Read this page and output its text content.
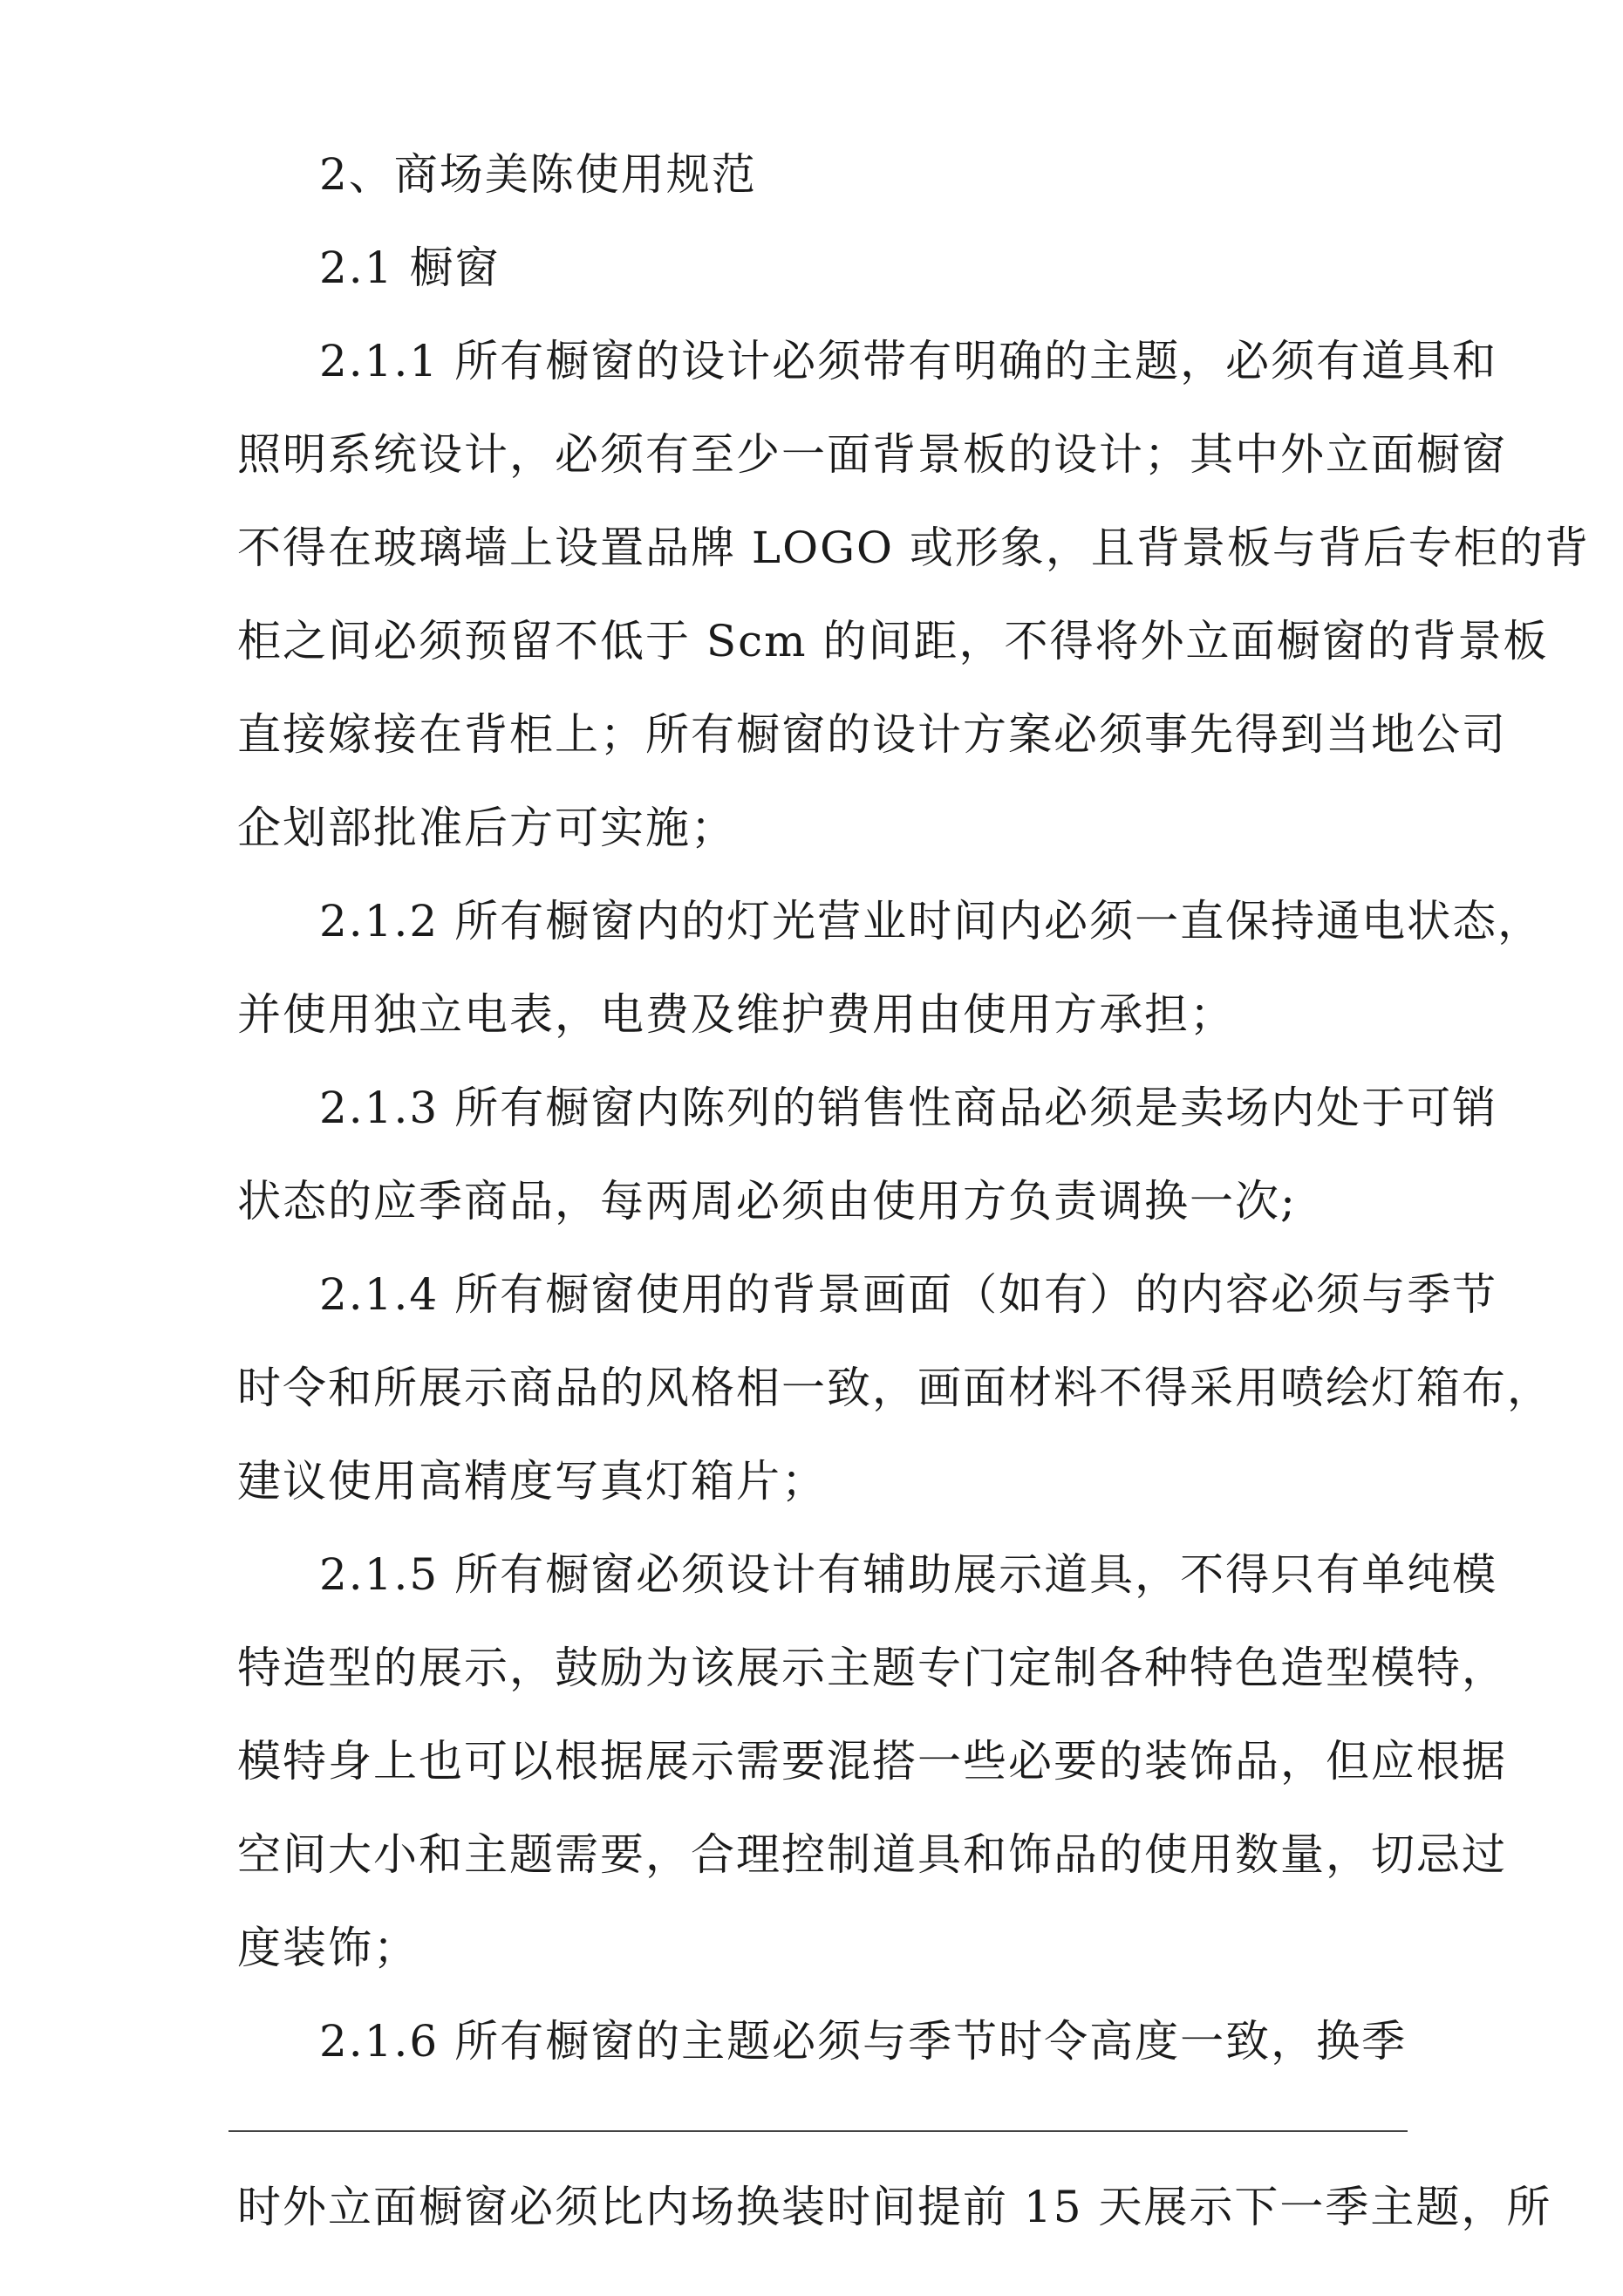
2、商场美陈使用规范
2.1 橱窗
2.1.1 所有橱窗的设计必须带有明确的主题，必须有道具和
照明系统设计，必须有至少一面背景板的设计；其中外立面橱窗
不得在玻璃墙上设置品牌 LOGO 或形象，且背景板与背后专柜的背
柜之间必须预留不低于 Scm 的间距，不得将外立面橱窗的背景板
直接嫁接在背柜上；所有橱窗的设计方案必须事先得到当地公司
企划部批准后方可实施；
2.1.2 所有橱窗内的灯光营业时间内必须一直保持通电状态，
并使用独立电表，电费及维护费用由使用方承担；
2.1.3 所有橱窗内陈列的销售性商品必须是卖场内处于可销
状态的应季商品，每两周必须由使用方负责调换一次;
2.1.4 所有橱窗使用的背景画面（如有）的内容必须与季节
时令和所展示商品的风格相一致，画面材料不得采用喷绘灯箱布，
建议使用高精度写真灯箱片；
2.1.5 所有橱窗必须设计有辅助展示道具，不得只有单纯模
特造型的展示，鼓励为该展示主题专门定制各种特色造型模特，
模特身上也可以根据展示需要混搭一些必要的装饰品，但应根据
空间大小和主题需要，合理控制道具和饰品的使用数量，切忌过
度装饰；
2.1.6 所有橱窗的主题必须与季节时令高度一致，换季
时外立面橱窗必须比内场换装时间提前 15 天展示下一季主题，所
